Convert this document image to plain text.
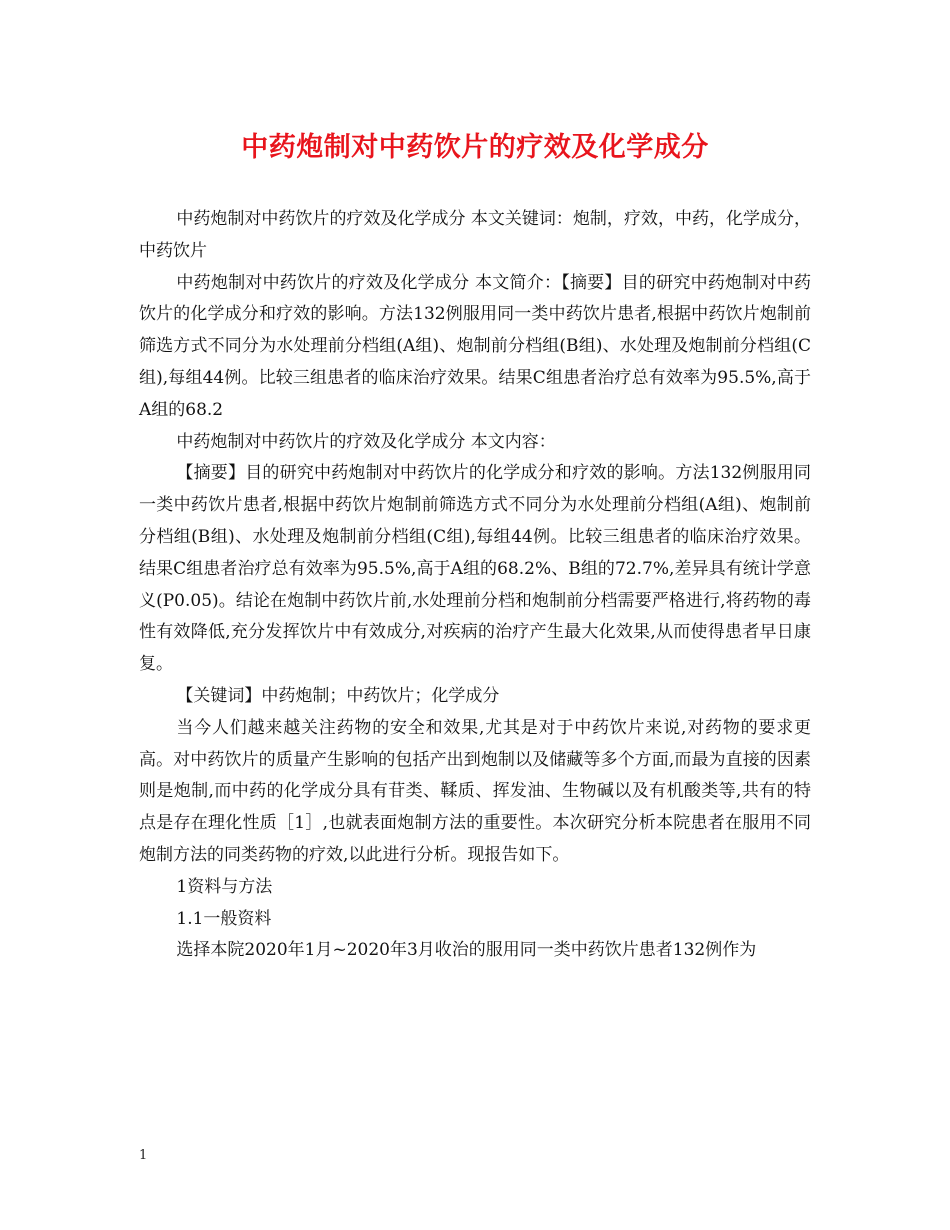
中药炮制对中药饮片的疗效及化学成分

中药炮制对中药饮片的疗效及化学成分 本文关键词：炮制，疗效，中药，化学成分，中药饮片

中药炮制对中药饮片的疗效及化学成分 本文简介：【摘要】目的研究中药炮制对中药饮片的化学成分和疗效的影响。方法132例服用同一类中药饮片患者,根据中药饮片炮制前筛选方式不同分为水处理前分档组(A组)、炮制前分档组(B组)、水处理及炮制前分档组(C组),每组44例。比较三组患者的临床治疗效果。结果C组患者治疗总有效率为95.5%,高于A组的68.2

中药炮制对中药饮片的疗效及化学成分 本文内容：

【摘要】目的研究中药炮制对中药饮片的化学成分和疗效的影响。方法132例服用同一类中药饮片患者,根据中药饮片炮制前筛选方式不同分为水处理前分档组(A组)、炮制前分档组(B组)、水处理及炮制前分档组(C组),每组44例。比较三组患者的临床治疗效果。结果C组患者治疗总有效率为95.5%,高于A组的68.2%、B组的72.7%,差异具有统计学意义(P0.05)。结论在炮制中药饮片前,水处理前分档和炮制前分档需要严格进行,将药物的毒性有效降低,充分发挥饮片中有效成分,对疾病的治疗产生最大化效果,从而使得患者早日康复。

【关键词】中药炮制；中药饮片；化学成分

当今人们越来越关注药物的安全和效果,尤其是对于中药饮片来说,对药物的要求更高。对中药饮片的质量产生影响的包括产出到炮制以及储藏等多个方面,而最为直接的因素则是炮制,而中药的化学成分具有苷类、鞣质、挥发油、生物碱以及有机酸类等,共有的特点是存在理化性质［1］,也就表面炮制方法的重要性。本次研究分析本院患者在服用不同炮制方法的同类药物的疗效,以此进行分析。现报告如下。

1资料与方法

1.1一般资料

选择本院2020年1月~2020年3月收治的服用同一类中药饮片患者132例作为

1
